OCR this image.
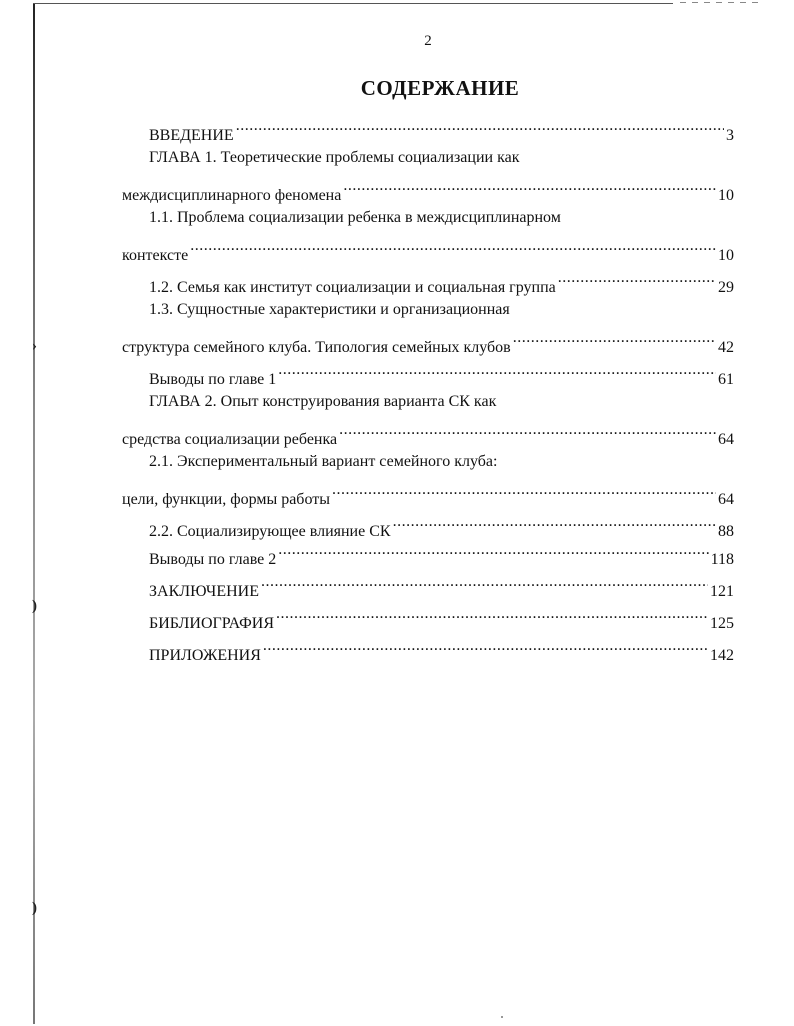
›
)
)
2
СОДЕРЖАНИЕ
ВВЕДЕНИЕ .....	3
ГЛАВА 1. Теоретические проблемы социализации как
междисциплинарного феномена .....	10
1.1. Проблема социализации ребенка в междисциплинарном
контексте .....	10
1.2. Семья как институт социализации и социальная группа .....	29
1.3. Сущностные характеристики и организационная
структура семейного клуба. Типология семейных клубов .....	42
Выводы по главе 1 .....	61
ГЛАВА 2. Опыт конструирования варианта СК как
средства социализации ребенка .....	64
2.1. Экспериментальный вариант семейного клуба:
цели, функции, формы работы .....	64
2.2. Социализирующее влияние СК .....	88
Выводы по главе 2 .....	118
ЗАКЛЮЧЕНИЕ .....	121
БИБЛИОГРАФИЯ .....	125
ПРИЛОЖЕНИЯ .....	142
